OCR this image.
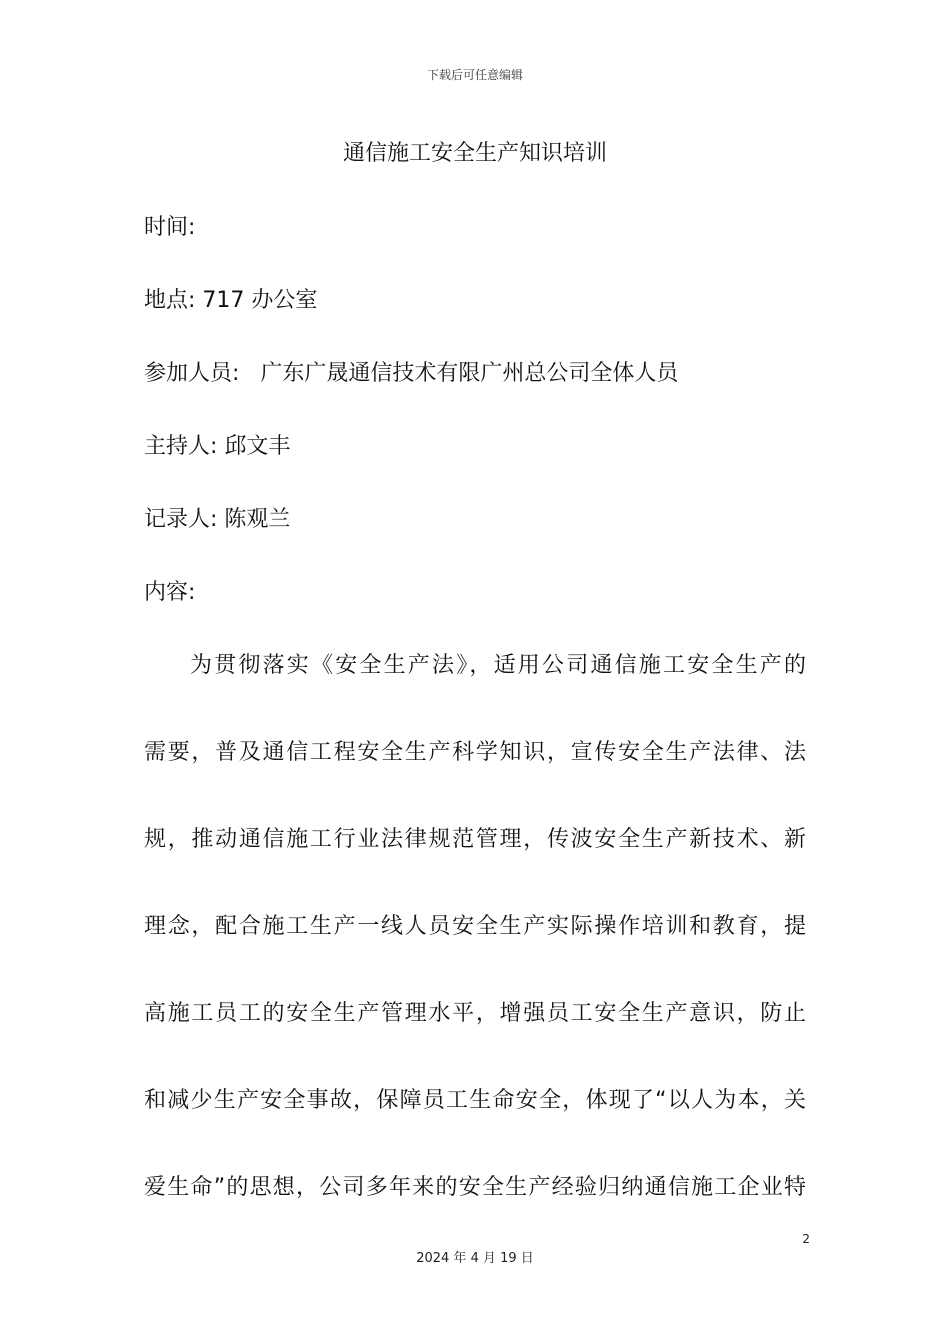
下载后可任意编辑
通信施工安全生产知识培训
时间:
地点: 717 办公室
参加人员: 广东广晟通信技术有限广州总公司全体人员
主持人: 邱文丰
记录人: 陈观兰
内容:
为贯彻落实《安全生产法》，适用公司通信施工安全生产的
需要，普及通信工程安全生产科学知识，宣传安全生产法律、法
规，推动通信施工行业法律规范管理，传波安全生产新技术、新
理念，配合施工生产一线人员安全生产实际操作培训和教育，提
高施工员工的安全生产管理水平，增强员工安全生产意识，防止
和减少生产安全事故，保障员工生命安全，体现了“以人为本，关
爱生命”的思想，公司多年来的安全生产经验归纳通信施工企业特
2
2024 年 4 月 19 日
